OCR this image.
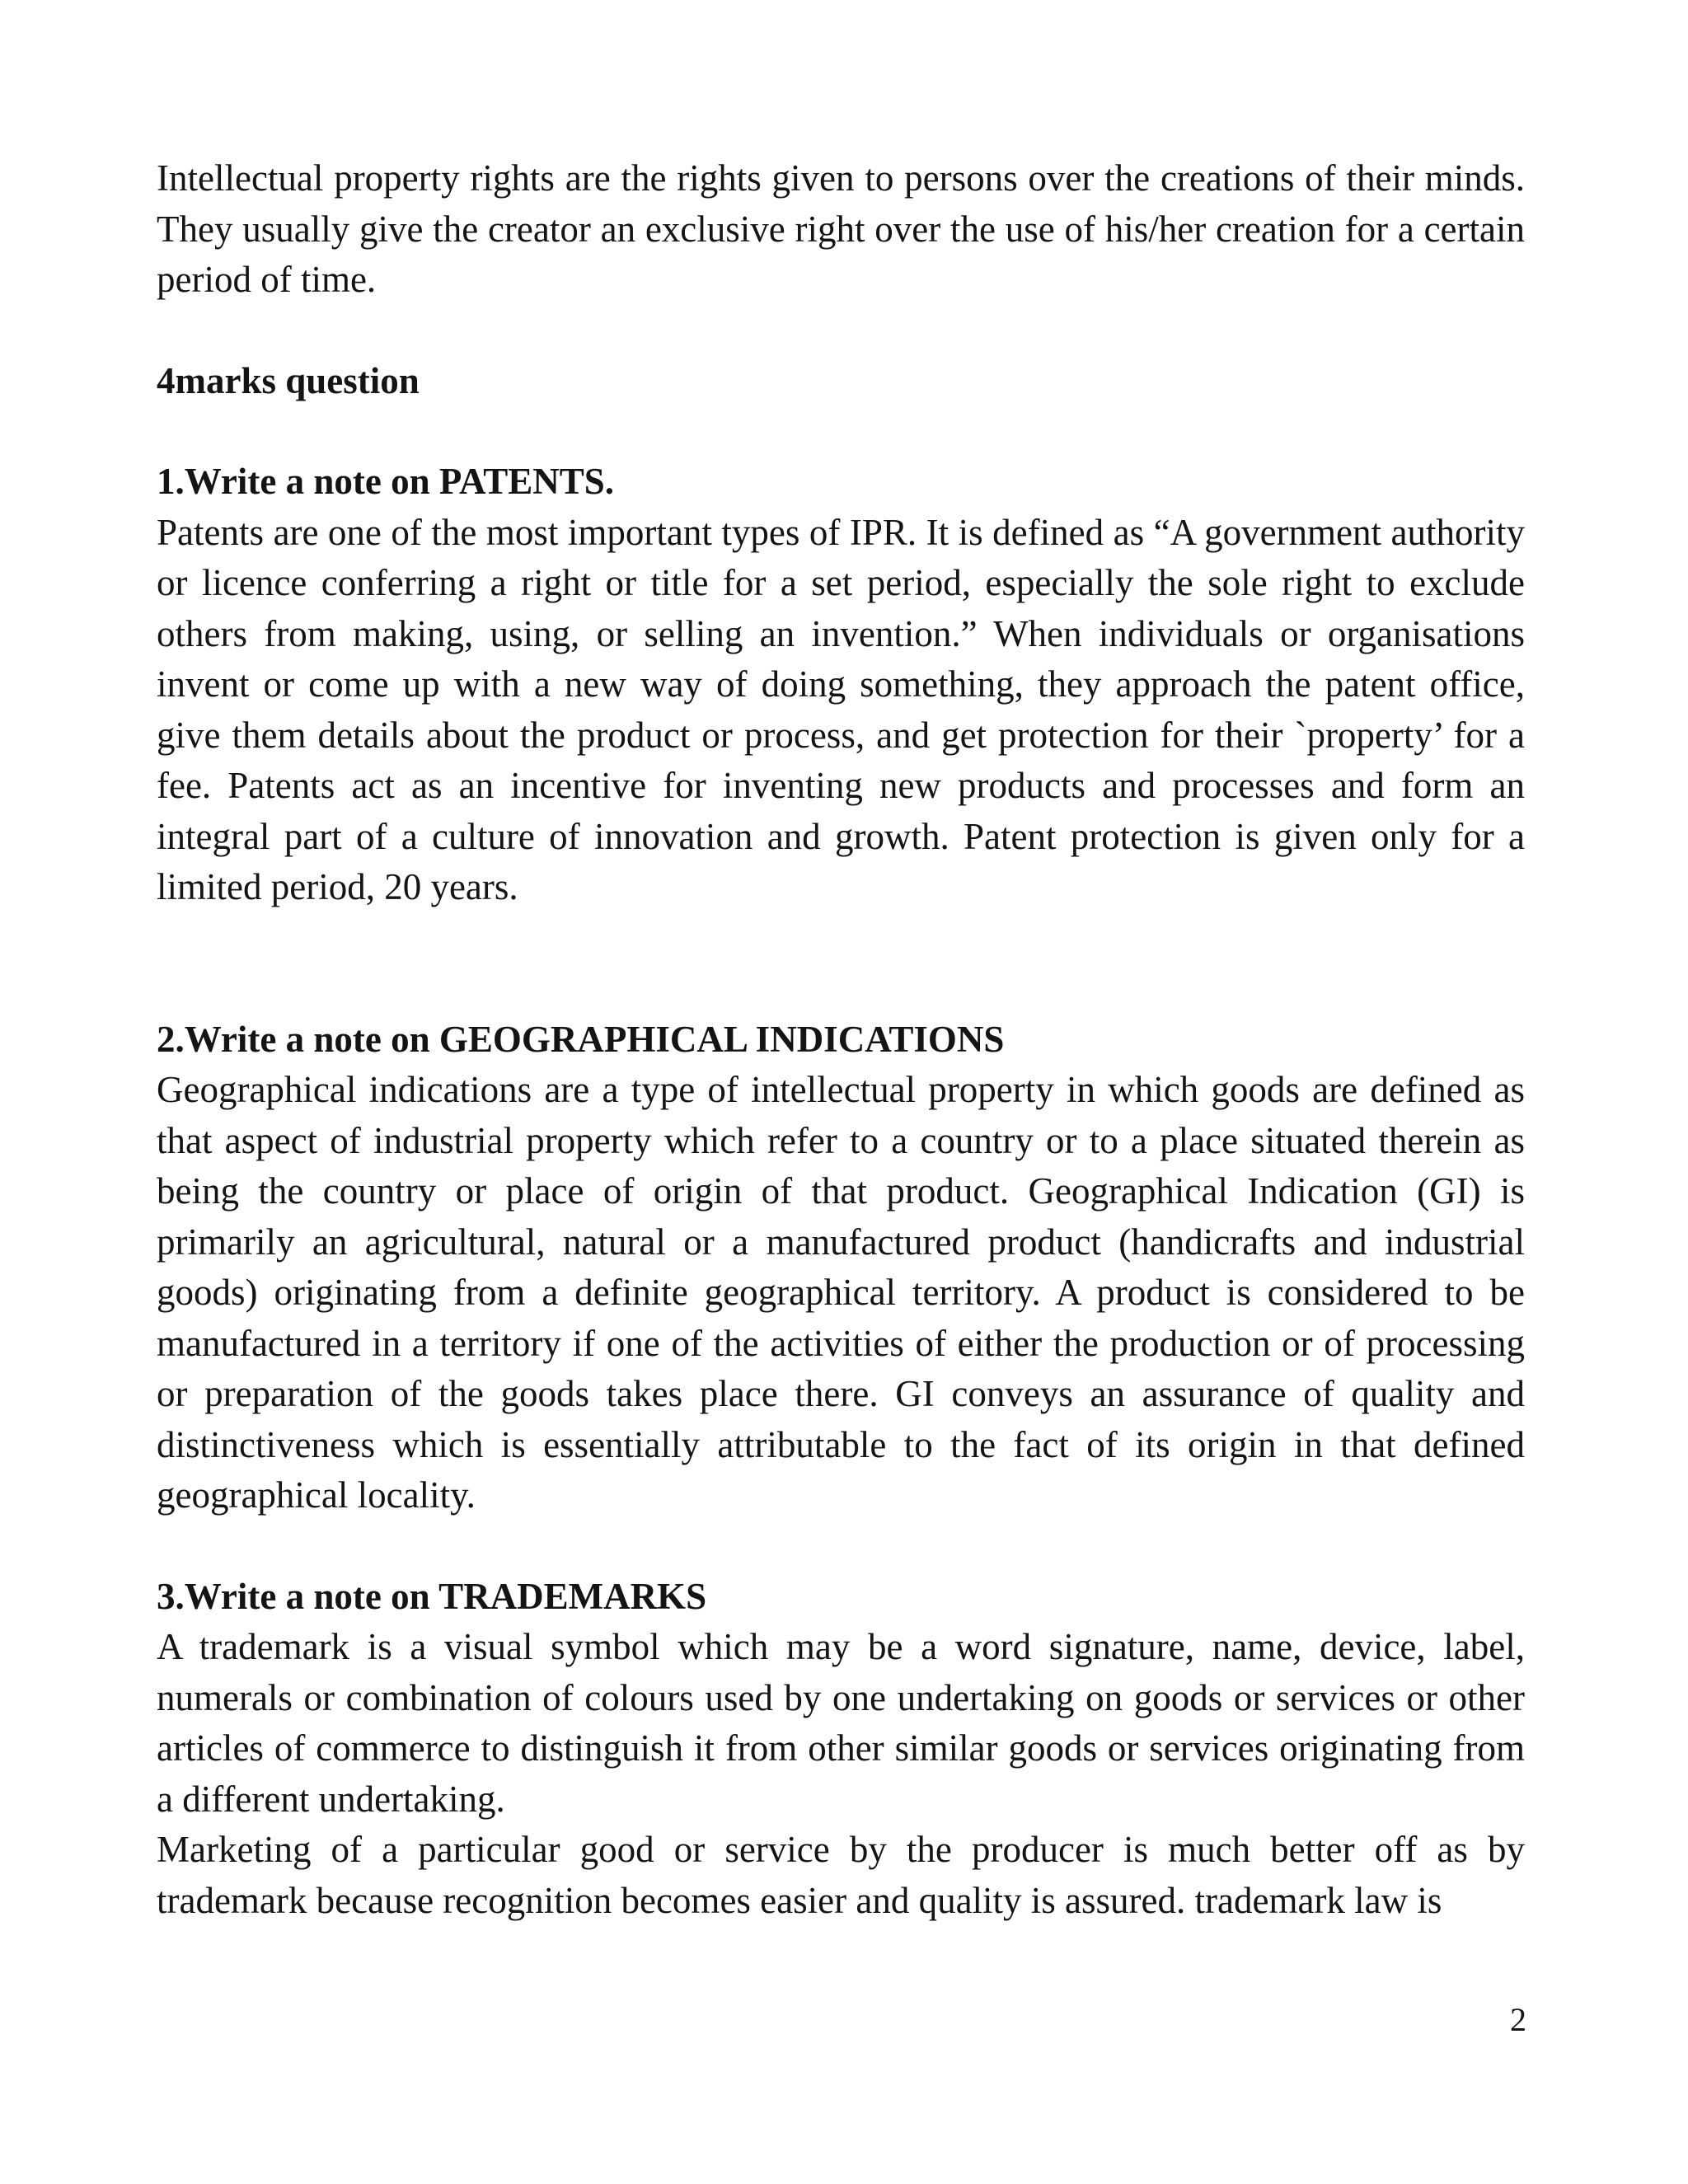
Intellectual property rights are the rights given to persons over the creations of their minds. They usually give the creator an exclusive right over the use of his/her creation for a certain period of time.

4marks question

1.Write a note on PATENTS.

Patents are one of the most important types of IPR. It is defined as “A government authority or licence conferring a right or title for a set period, especially the sole right to exclude others from making, using, or selling an invention.” When individuals or organisations invent or come up with a new way of doing something, they approach the patent office, give them details about the product or process, and get protection for their `property’ for a fee. Patents act as an incentive for inventing new products and processes and form an integral part of a culture of innovation and growth. Patent protection is given only for a limited period, 20 years.

2.Write a note on GEOGRAPHICAL INDICATIONS

Geographical indications are a type of intellectual property in which goods are defined as that aspect of industrial property which refer to a country or to a place situated therein as being the country or place of origin of that product. Geographical Indication (GI) is primarily an agricultural, natural or a manufactured product (handicrafts and industrial goods) originating from a definite geographical territory. A product is considered to be manufactured in a territory if one of the activities of either the production or of processing or preparation of the goods takes place there. GI conveys an assurance of quality and distinctiveness which is essentially attributable to the fact of its origin in that defined geographical locality.

3.Write a note on TRADEMARKS

A trademark is a visual symbol which may be a word signature, name, device, label, numerals or combination of colours used by one undertaking on goods or services or other articles of commerce to distinguish it from other similar goods or services originating from a different undertaking.

Marketing of a particular good or service by the producer is much better off as by trademark because recognition becomes easier and quality is assured. trademark law is

2
